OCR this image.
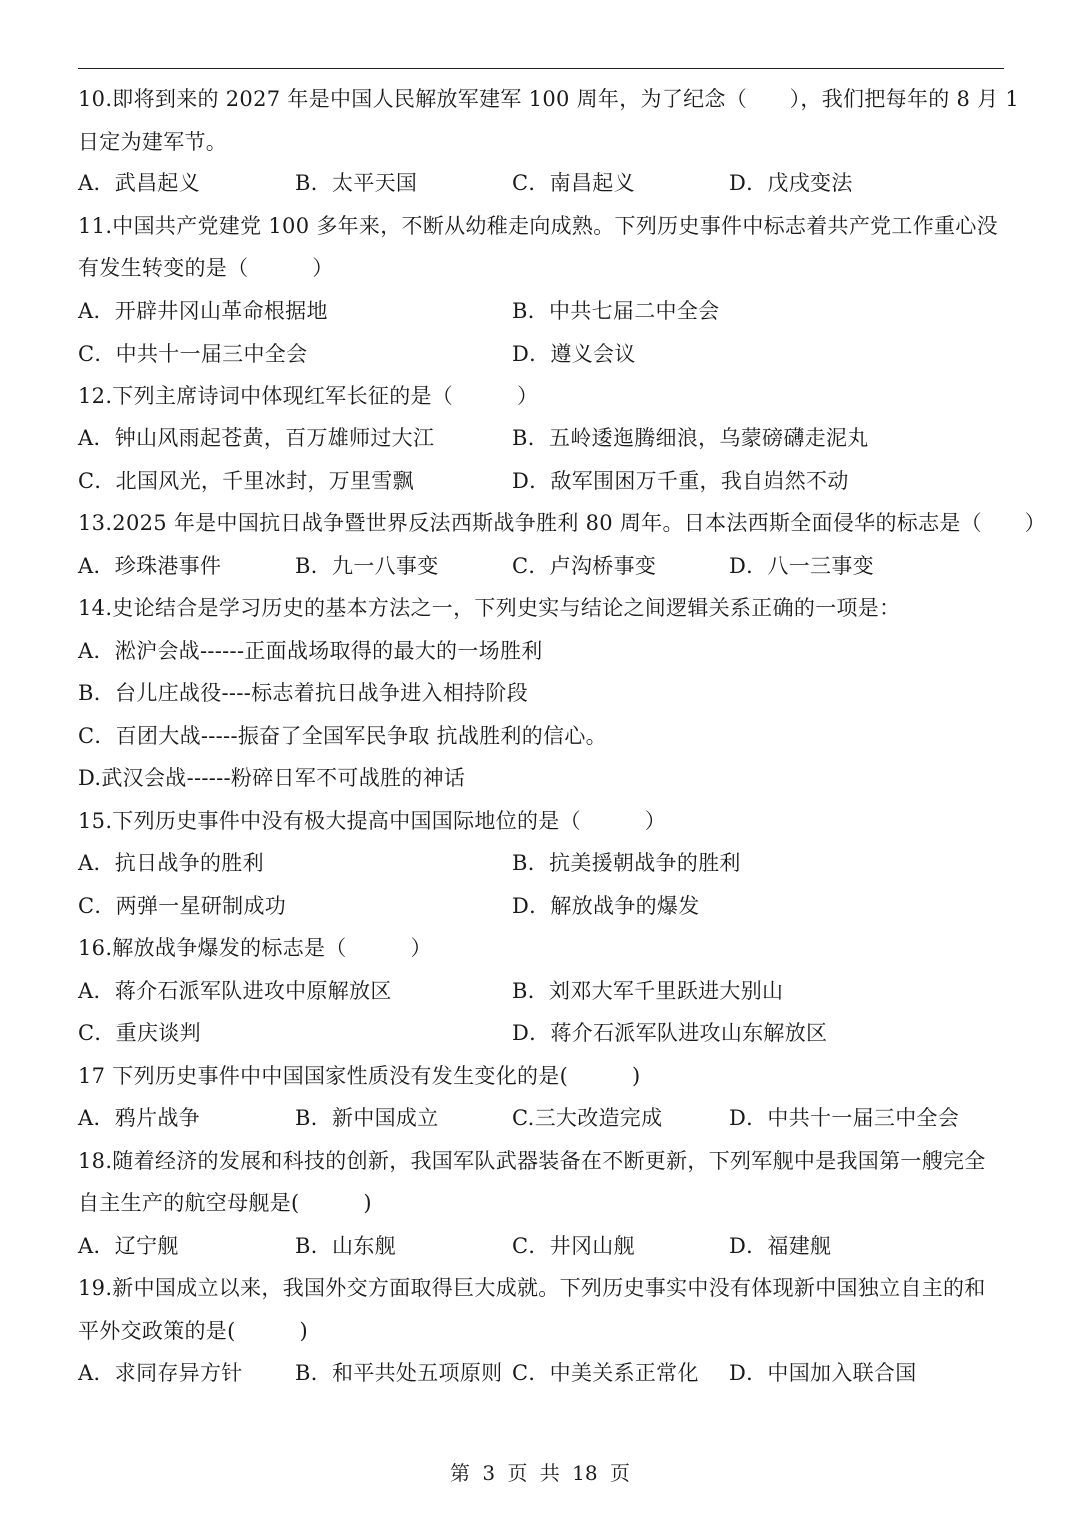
10.即将到来的 2027 年是中国人民解放军建军 100 周年，为了纪念（　　），我们把每年的 8 月 1
日定为建军节。
A．武昌起义	B．太平天国	C．南昌起义	D．戊戌变法
11.中国共产党建党 100 多年来，不断从幼稚走向成熟。下列历史事件中标志着共产党工作重心没
有发生转变的是（　　　）
A．开辟井冈山革命根据地	B．中共七届二中全会
C．中共十一届三中全会	D．遵义会议
12.下列主席诗词中体现红军长征的是（　　　）
A．钟山风雨起苍黄，百万雄师过大江	B．五岭逶迤腾细浪，乌蒙磅礴走泥丸
C．北国风光，千里冰封，万里雪飘	D．敌军围困万千重，我自岿然不动
13.2025 年是中国抗日战争暨世界反法西斯战争胜利 80 周年。日本法西斯全面侵华的标志是（　　）
A．珍珠港事件	B．九一八事变	C．卢沟桥事变	D．八一三事变
14.史论结合是学习历史的基本方法之一，下列史实与结论之间逻辑关系正确的一项是：
A．淞沪会战------正面战场取得的最大的一场胜利
B．台儿庄战役----标志着抗日战争进入相持阶段
C．百团大战-----振奋了全国军民争取 抗战胜利的信心。
D.武汉会战------粉碎日军不可战胜的神话
15.下列历史事件中没有极大提高中国国际地位的是（　　　）
A．抗日战争的胜利	B．抗美援朝战争的胜利
C．两弹一星研制成功	D．解放战争的爆发
16.解放战争爆发的标志是（　　　）
A．蒋介石派军队进攻中原解放区	B．刘邓大军千里跃进大别山
C．重庆谈判	D．蒋介石派军队进攻山东解放区
17 下列历史事件中中国国家性质没有发生变化的是(　　　)
A．鸦片战争	B．新中国成立	C.三大改造完成	D．中共十一届三中全会
18.随着经济的发展和科技的创新，我国军队武器装备在不断更新，下列军舰中是我国第一艘完全
自主生产的航空母舰是(　　　)
A．辽宁舰	B．山东舰	C．井冈山舰	D．福建舰
19.新中国成立以来，我国外交方面取得巨大成就。下列历史事实中没有体现新中国独立自主的和
平外交政策的是(　　　)
A．求同存异方针 B．和平共处五项原则 C．中美关系正常化 D．中国加入联合国
第 3 页 共 18 页
